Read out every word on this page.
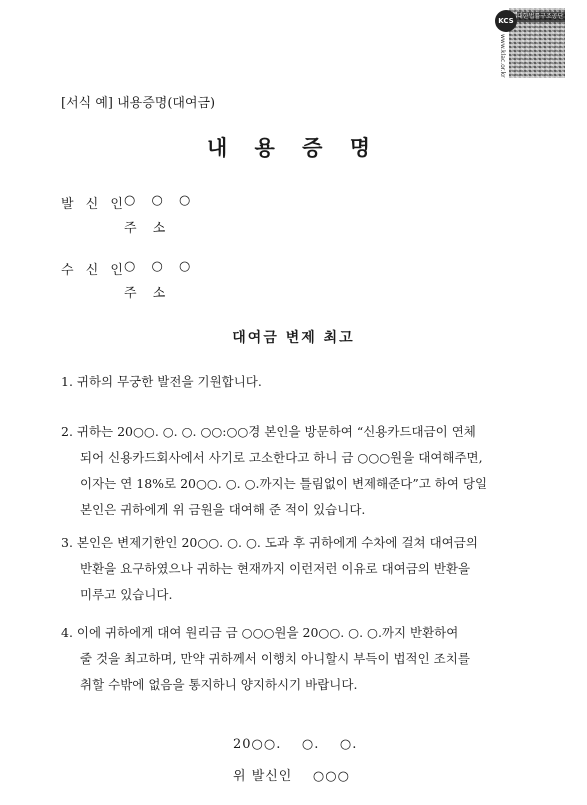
KCS
대한법률구조공단
www.klac.or.kr
[서식 예] 내용증명(대여금)
내 용 증 명
발 신 인
○ ○ ○
주 소
수 신 인
○ ○ ○
주 소
대여금 변제 최고
1. 귀하의 무궁한 발전을 기원합니다.
2. 귀하는 20○○. ○. ○. ○○:○○경 본인을 방문하여 “신용카드대금이 연체
되어 신용카드회사에서 사기로 고소한다고 하니 금 ○○○원을 대여해주면,
이자는 연 18%로 20○○. ○. ○.까지는 틀림없이 변제해준다”고 하여 당일
본인은 귀하에게 위 금원을 대여해 준 적이 있습니다.
3. 본인은 변제기한인 20○○. ○. ○. 도과 후 귀하에게 수차에 걸쳐 대여금의
반환을 요구하였으나 귀하는 현재까지 이런저런 이유로 대여금의 반환을
미루고 있습니다.
4. 이에 귀하에게 대여 원리금 금 ○○○원을 20○○. ○. ○.까지 반환하여
줄 것을 최고하며, 만약 귀하께서 이행치 아니할시 부득이 법적인 조치를
취할 수밖에 없음을 통지하니 양지하시기 바랍니다.
20○○.    ○.    ○.
위 발신인    ○○○
